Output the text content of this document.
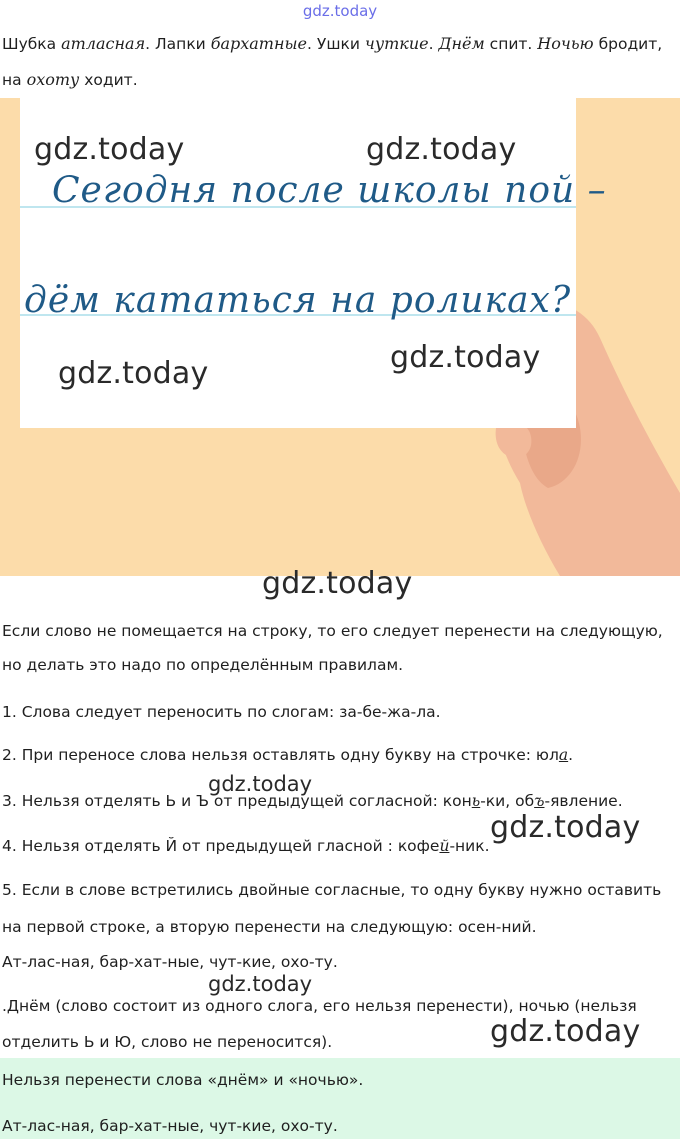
gdz.today
Шубка атласная. Лапки бархатные. Ушки чуткие. Днём спит. Ночью бродит,
на охоту ходит.
Сегодня после школы пой –
дём кататься на роликах?
gdz.today	gdz.today
gdz.today	gdz.today
gdz.today
Если слово не помещается на строку, то его следует перенести на следующую,
но делать это надо по определённым правилам.
1. Слова следует переносить по слогам: за-бе-жа-ла.
2. При переносе слова нельзя оставлять одну букву на строчке: юла.
gdz.today
3. Нельзя отделять Ь и Ъ от предыдущей согласной: конь-ки, объ-явление.
gdz.today
4. Нельзя отделять Й от предыдущей гласной : кофей-ник.
5. Если в слове встретились двойные согласные, то одну букву нужно оставить
на первой строке, а вторую перенести на следующую: осен-ний.
Ат-лас-ная, бар-хат-ные, чут-кие, охо-ту.
gdz.today
.Днём (слово состоит из одного слога, его нельзя перенести), ночью (нельзя
gdz.today
отделить Ь и Ю, слово не переносится).
Нельзя перенести слова «днём» и «ночью».
Ат-лас-ная, бар-хат-ные, чут-кие, охо-ту.
